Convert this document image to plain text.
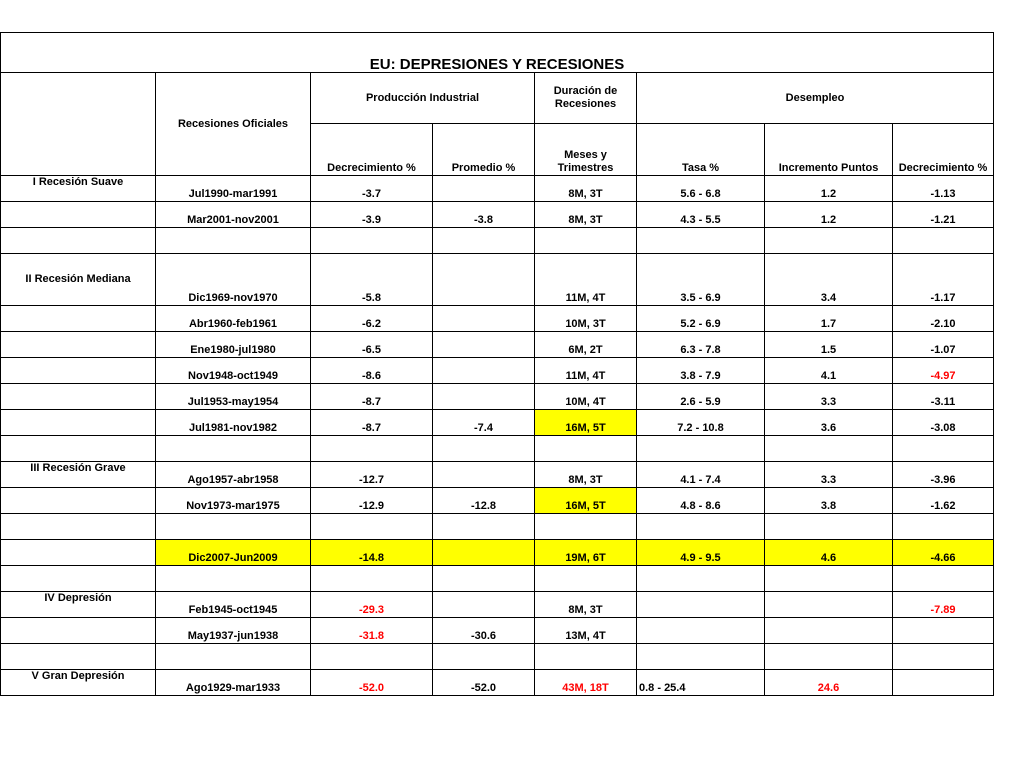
EU: DEPRESIONES Y RECESIONES							
	Recesiones Oficiales	Producción Industrial		Duración de Recesiones	Desempleo		
		Decrecimiento %	Promedio %	Meses y Trimestres	Tasa %	Incremento Puntos	Decrecimiento %
I Recesión Suave	Jul1990-mar1991	-3.7		8M, 3T	5.6 - 6.8	1.2	-1.13
	Mar2001-nov2001	-3.9	-3.8	8M, 3T	4.3 - 5.5	1.2	-1.21

II Recesión Mediana	Dic1969-nov1970	-5.8		11M, 4T	3.5 - 6.9	3.4	-1.17
	Abr1960-feb1961	-6.2		10M, 3T	5.2 - 6.9	1.7	-2.10
	Ene1980-jul1980	-6.5		6M, 2T	6.3 - 7.8	1.5	-1.07
	Nov1948-oct1949	-8.6		11M, 4T	3.8 - 7.9	4.1	-4.97
	Jul1953-may1954	-8.7		10M, 4T	2.6 - 5.9	3.3	-3.11
	Jul1981-nov1982	-8.7	-7.4	16M, 5T	7.2 - 10.8	3.6	-3.08

III Recesión Grave	Ago1957-abr1958	-12.7		8M, 3T	4.1 - 7.4	3.3	-3.96
	Nov1973-mar1975	-12.9	-12.8	16M, 5T	4.8 - 8.6	3.8	-1.62

	Dic2007-Jun2009	-14.8		19M, 6T	4.9 - 9.5	4.6	-4.66

IV Depresión	Feb1945-oct1945	-29.3		8M, 3T			-7.89
	May1937-jun1938	-31.8	-30.6	13M, 4T			

V Gran Depresión	Ago1929-mar1933	-52.0	-52.0	43M, 18T	0.8 - 25.4	24.6	
